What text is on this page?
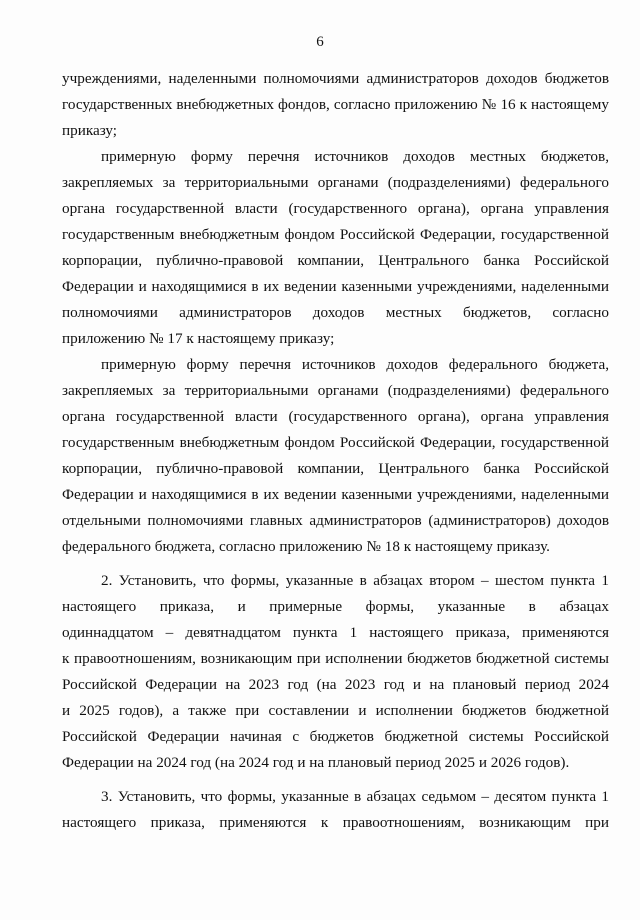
6
учреждениями, наделенными полномочиями администраторов доходов бюджетов
государственных внебюджетных фондов, согласно приложению № 16 к настоящему
приказу;
примерную форму перечня источников доходов местных бюджетов,
закрепляемых за территориальными органами (подразделениями) федерального
органа государственной власти (государственного органа), органа управления
государственным внебюджетным фондом Российской Федерации, государственной
корпорации, публично-правовой компании, Центрального банка Российской
Федерации и находящимися в их ведении казенными учреждениями, наделенными
полномочиями администраторов доходов местных бюджетов, согласно
приложению № 17 к настоящему приказу;
примерную форму перечня источников доходов федерального бюджета,
закрепляемых за территориальными органами (подразделениями) федерального
органа государственной власти (государственного органа), органа управления
государственным внебюджетным фондом Российской Федерации, государственной
корпорации, публично-правовой компании, Центрального банка Российской
Федерации и находящимися в их ведении казенными учреждениями, наделенными
отдельными полномочиями главных администраторов (администраторов) доходов
федерального бюджета, согласно приложению № 18 к настоящему приказу.
2. Установить, что формы, указанные в абзацах втором – шестом пункта 1
настоящего приказа, и примерные формы, указанные в абзацах
одиннадцатом – девятнадцатом пункта 1 настоящего приказа, применяются
к правоотношениям, возникающим при исполнении бюджетов бюджетной системы
Российской Федерации на 2023 год (на 2023 год и на плановый период 2024
и 2025 годов), а также при составлении и исполнении бюджетов бюджетной
Российской Федерации начиная с бюджетов бюджетной системы Российской
Федерации на 2024 год (на 2024 год и на плановый период 2025 и 2026 годов).
3. Установить, что формы, указанные в абзацах седьмом – десятом пункта 1
настоящего приказа, применяются к правоотношениям, возникающим при
